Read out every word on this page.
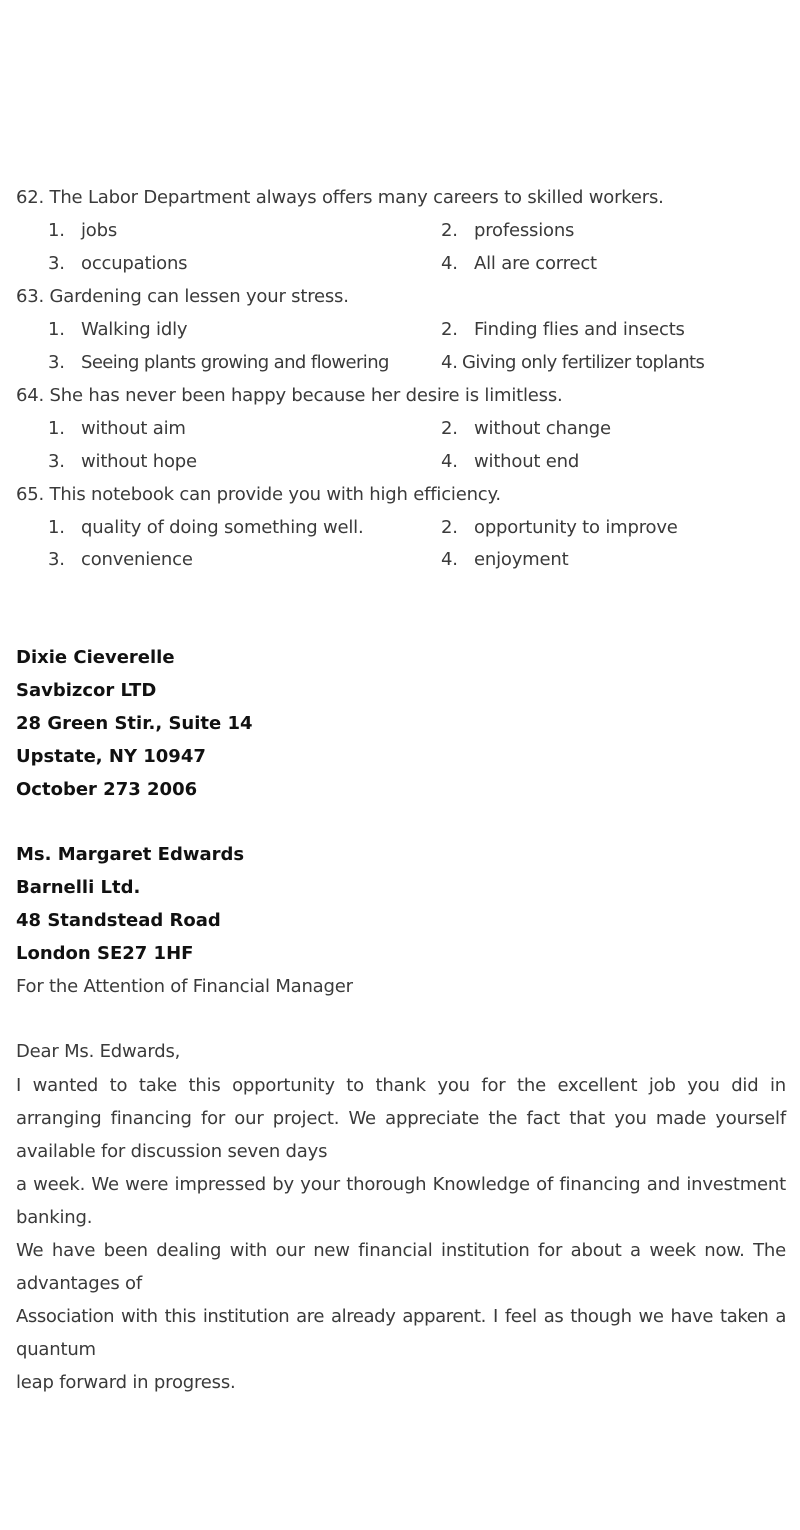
62. The Labor Department always offers many careers to skilled workers.
1. jobs	2. professions
3. occupations	4. All are correct
63. Gardening can lessen your stress.
1. Walking idly	2. Finding flies and insects
3. Seeing plants growing and flowering	4. Giving only fertilizer toplants
64. She has never been happy because her desire is limitless.
1. without aim	2. without change
3. without hope	4. without end
65. This notebook can provide you with high efficiency.
1. quality of doing something well.	2. opportunity to improve
3. convenience	4. enjoyment
Dixie Cieverelle
Savbizcor LTD
28 Green Stir., Suite 14
Upstate, NY 10947
October 273 2006
Ms. Margaret Edwards
Barnelli Ltd.
48 Standstead Road
London SE27 1HF
For the Attention of Financial Manager
Dear Ms. Edwards,
I wanted to take this opportunity to thank you for the excellent job you did in
arranging financing for our project. We appreciate the fact that you made yourself
available for discussion seven days
a week. We were impressed by your thorough Knowledge of financing and investment
banking.
We have been dealing with our new financial institution for about a week now. The
advantages of
Association with this institution are already apparent. I feel as though we have taken a
quantum
leap forward in progress.
